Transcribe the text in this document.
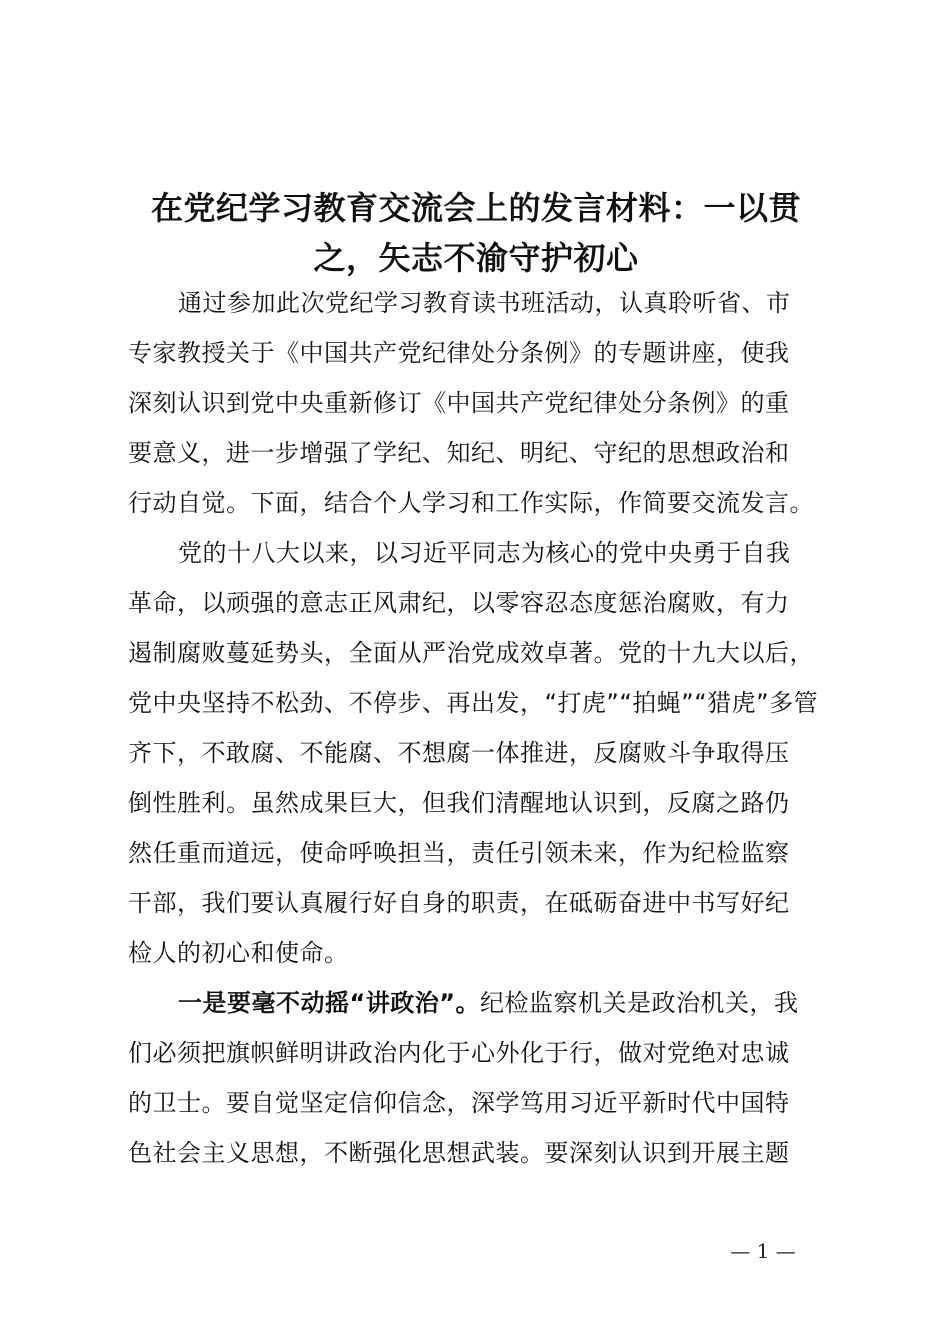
在党纪学习教育交流会上的发言材料：一以贯
之，矢志不渝守护初心

通过参加此次党纪学习教育读书班活动，认真聆听省、市
专家教授关于《中国共产党纪律处分条例》的专题讲座，使我
深刻认识到党中央重新修订《中国共产党纪律处分条例》的重
要意义，进一步增强了学纪、知纪、明纪、守纪的思想政治和
行动自觉。下面，结合个人学习和工作实际，作简要交流发言。

党的十八大以来，以习近平同志为核心的党中央勇于自我
革命，以顽强的意志正风肃纪，以零容忍态度惩治腐败，有力
遏制腐败蔓延势头，全面从严治党成效卓著。党的十九大以后，
党中央坚持不松劲、不停步、再出发，“打虎”“拍蝇”“猎虎”多管
齐下，不敢腐、不能腐、不想腐一体推进，反腐败斗争取得压
倒性胜利。虽然成果巨大，但我们清醒地认识到，反腐之路仍
然任重而道远，使命呼唤担当，责任引领未来，作为纪检监察
干部，我们要认真履行好自身的职责，在砥砺奋进中书写好纪
检人的初心和使命。

一是要毫不动摇“讲政治”。纪检监察机关是政治机关，我
们必须把旗帜鲜明讲政治内化于心外化于行，做对党绝对忠诚
的卫士。要自觉坚定信仰信念，深学笃用习近平新时代中国特
色社会主义思想，不断强化思想武装。要深刻认识到开展主题

— 1 —
